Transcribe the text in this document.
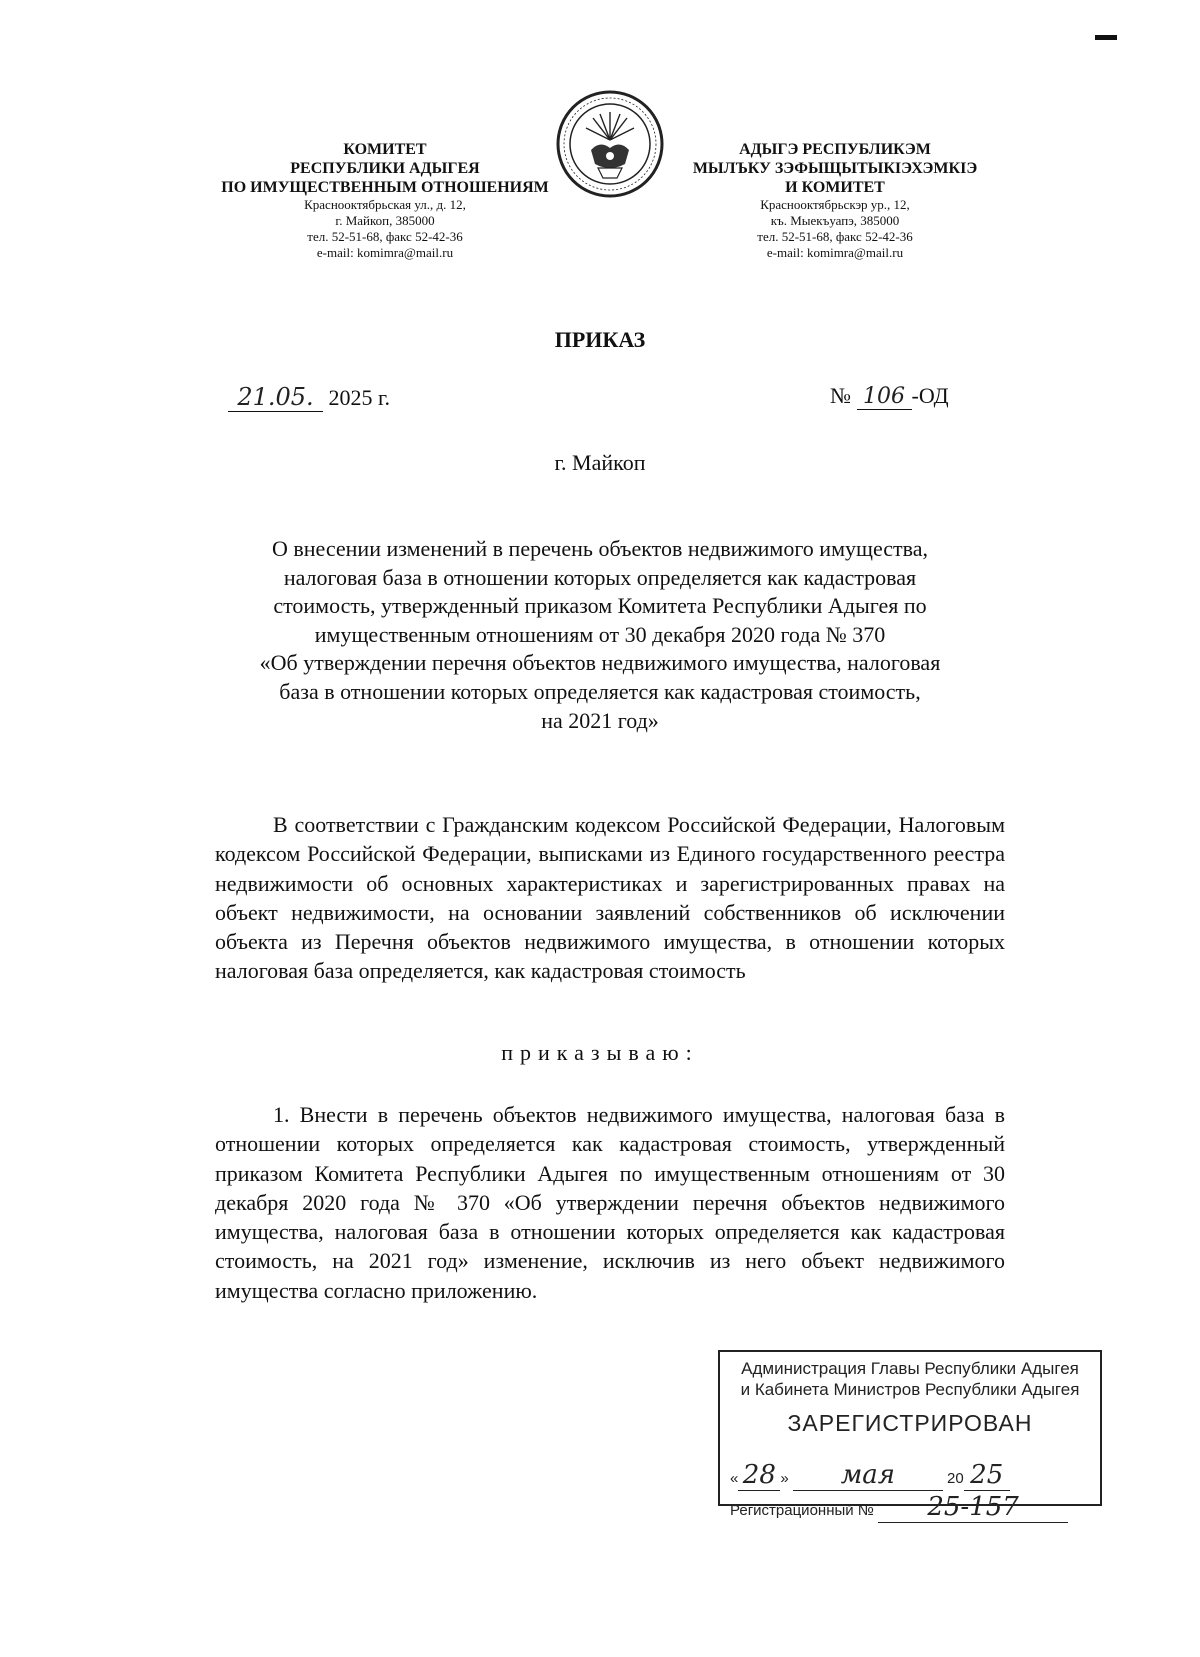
КОМИТЕТ
РЕСПУБЛИКИ АДЫГЕЯ
ПО ИМУЩЕСТВЕННЫМ ОТНОШЕНИЯМ
Краснооктябрьская ул., д. 12,
г. Майкоп, 385000
тел. 52-51-68, факс 52-42-36
e-mail: komimra@mail.ru
АДЫГЭ РЕСПУБЛИКЭМ
МЫЛЪКУ ЗЭФЫЩЫТЫКIЭХЭМКIЭ
И КОМИТЕТ
Краснооктябрьскэр ур., 12,
къ. Мыекъуапэ, 385000
тел. 52-51-68, факс 52-42-36
e-mail: komimra@mail.ru
ПРИКАЗ
21.05. 2025 г.	№ 106 -ОД
г. Майкоп
О внесении изменений в перечень объектов недвижимого имущества,
налоговая база в отношении которых определяется как кадастровая
стоимость, утвержденный приказом Комитета Республики Адыгея по
имущественным отношениям от 30 декабря 2020 года № 370
«Об утверждении перечня объектов недвижимого имущества, налоговая
база в отношении которых определяется как кадастровая стоимость,
на 2021 год»

В соответствии с Гражданским кодексом Российской Федерации, Налоговым кодексом Российской Федерации, выписками из Единого государственного реестра недвижимости об основных характеристиках и зарегистрированных правах на объект недвижимости, на основании заявлений собственников об исключении объекта из Перечня объектов недвижимого имущества, в отношении которых налоговая база определяется, как кадастровая стоимость

приказываю:

1. Внести в перечень объектов недвижимого имущества, налоговая база в отношении которых определяется как кадастровая стоимость, утвержденный приказом Комитета Республики Адыгея по имущественным отношениям от 30 декабря 2020 года № 370 «Об утверждении перечня объектов недвижимого имущества, налоговая база в отношении которых определяется как кадастровая стоимость, на 2021 год» изменение, исключив из него объект недвижимого имущества согласно приложению.

Администрация Главы Республики Адыгея
и Кабинета Министров Республики Адыгея
ЗАРЕГИСТРИРОВАН
« 28 » мая	20 25
Регистрационный № 25-157
